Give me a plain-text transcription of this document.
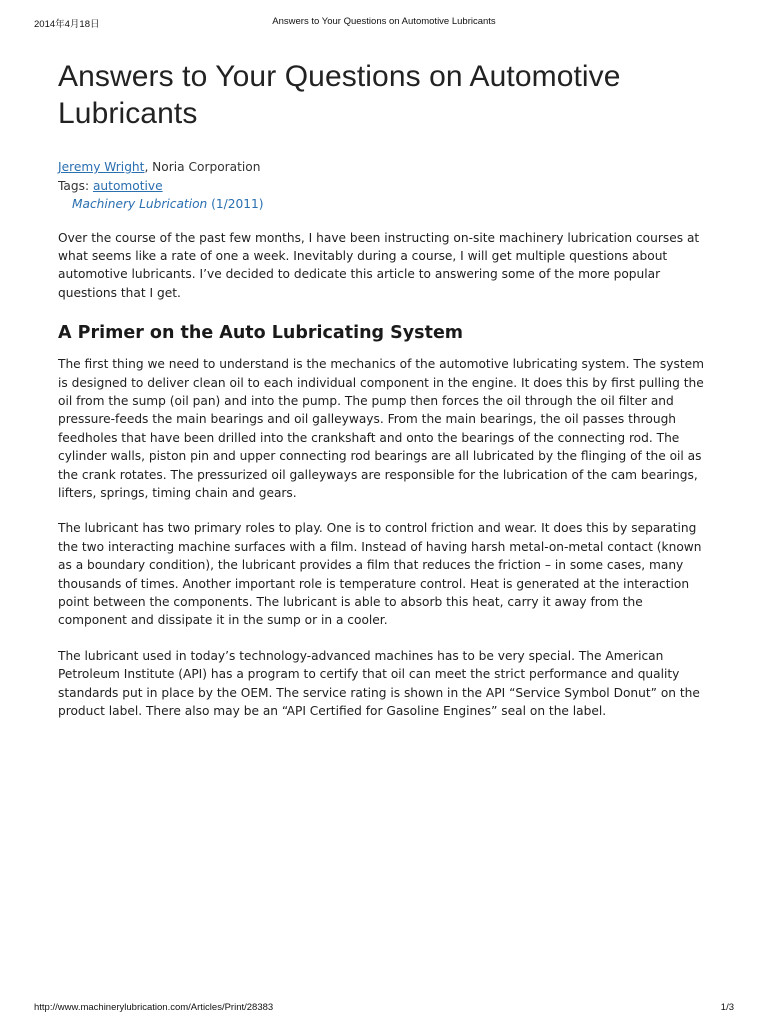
2014年4月18日	Answers to Your Questions on Automotive Lubricants
Answers to Your Questions on Automotive Lubricants
Jeremy Wright, Noria Corporation
Tags: automotive
Machinery Lubrication (1/2011)

Over the course of the past few months, I have been instructing on-site machinery lubrication courses at what seems like a rate of one a week. Inevitably during a course, I will get multiple questions about automotive lubricants. I’ve decided to dedicate this article to answering some of the more popular questions that I get.

A Primer on the Auto Lubricating System

The first thing we need to understand is the mechanics of the automotive lubricating system. The system is designed to deliver clean oil to each individual component in the engine. It does this by first pulling the oil from the sump (oil pan) and into the pump. The pump then forces the oil through the oil filter and pressure-feeds the main bearings and oil galleyways. From the main bearings, the oil passes through feedholes that have been drilled into the crankshaft and onto the bearings of the connecting rod. The cylinder walls, piston pin and upper connecting rod bearings are all lubricated by the flinging of the oil as the crank rotates. The pressurized oil galleyways are responsible for the lubrication of the cam bearings, lifters, springs, timing chain and gears.

The lubricant has two primary roles to play. One is to control friction and wear. It does this by separating the two interacting machine surfaces with a film. Instead of having harsh metal-on-metal contact (known as a boundary condition), the lubricant provides a film that reduces the friction – in some cases, many thousands of times. Another important role is temperature control. Heat is generated at the interaction point between the components. The lubricant is able to absorb this heat, carry it away from the component and dissipate it in the sump or in a cooler.

The lubricant used in today’s technology-advanced machines has to be very special. The American Petroleum Institute (API) has a program to certify that oil can meet the strict performance and quality standards put in place by the OEM. The service rating is shown in the API “Service Symbol Donut” on the product label. There also may be an “API Certified for Gasoline Engines” seal on the label.

http://www.machinerylubrication.com/Articles/Print/28383	1/3
